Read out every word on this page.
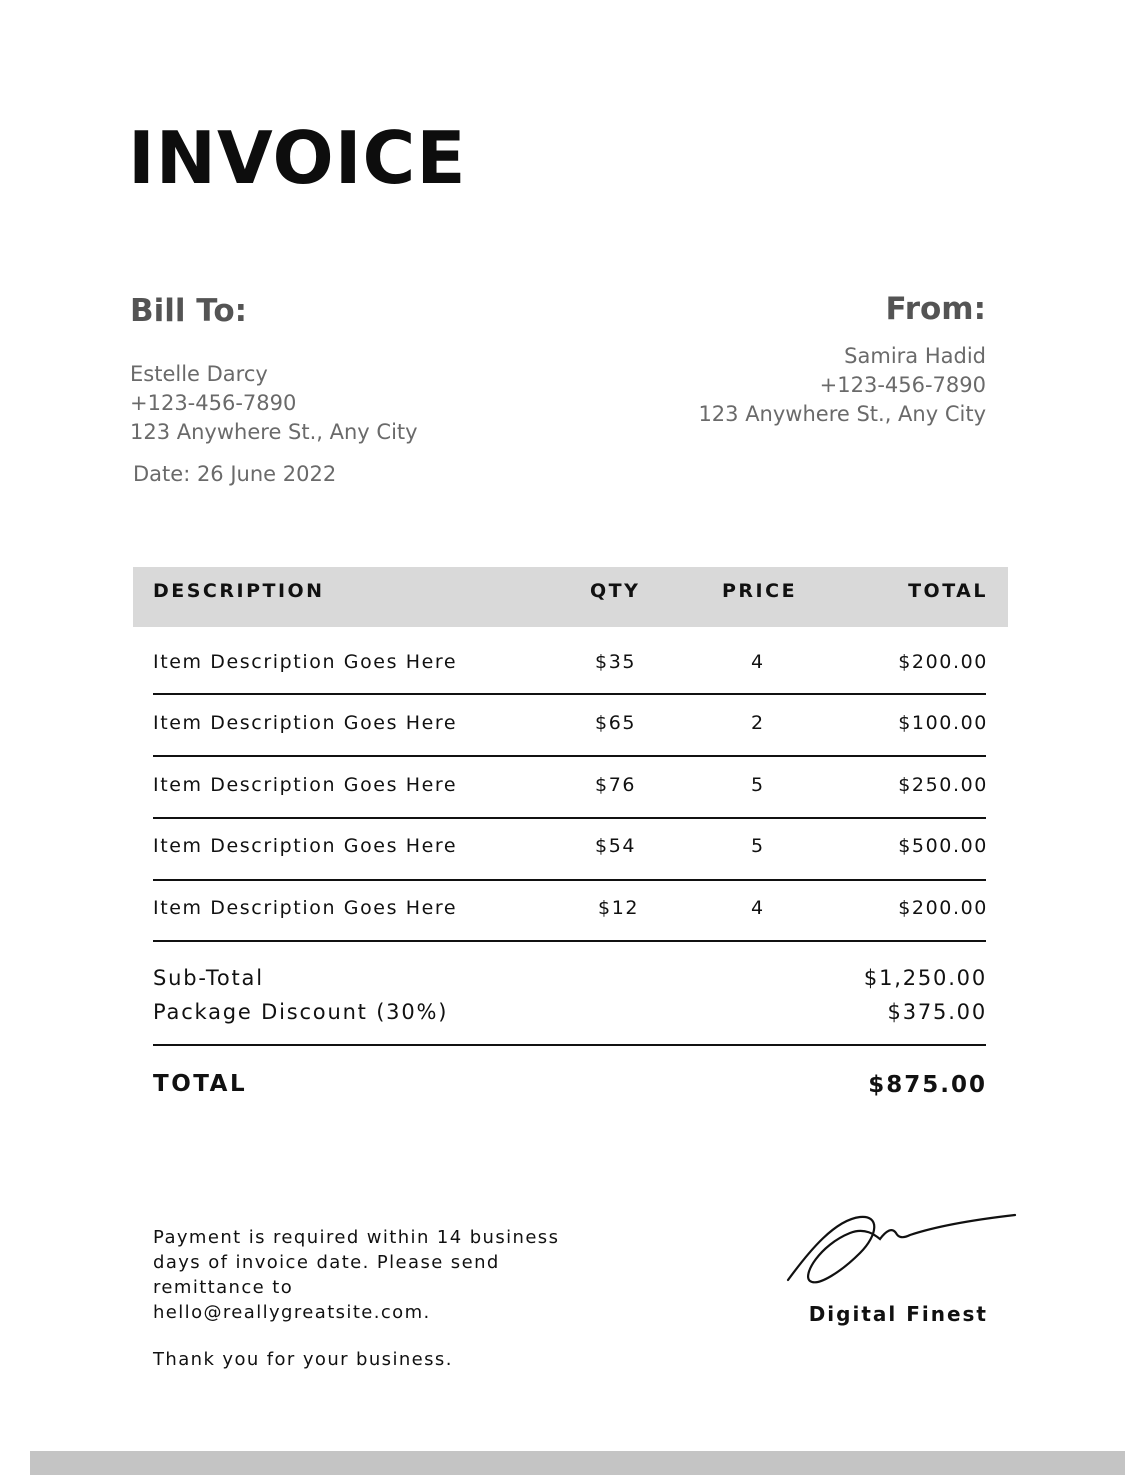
INVOICE
Bill To:
Estelle Darcy
+123-456-7890
123 Anywhere St., Any City
Date: 26 June 2022
From:
Samira Hadid
+123-456-7890
123 Anywhere St., Any City
DESCRIPTION	QTY	PRICE	TOTAL
Item Description Goes Here	$35	4	$200.00
Item Description Goes Here	$65	2	$100.00
Item Description Goes Here	$76	5	$250.00
Item Description Goes Here	$54	5	$500.00
Item Description Goes Here	$12	4	$200.00
Sub-Total	$1,250.00
Package Discount (30%)	$375.00
TOTAL	$875.00
Payment is required within 14 business
days of invoice date. Please send
remittance to
hello@reallygreatsite.com.
Thank you for your business.
Digital Finest
